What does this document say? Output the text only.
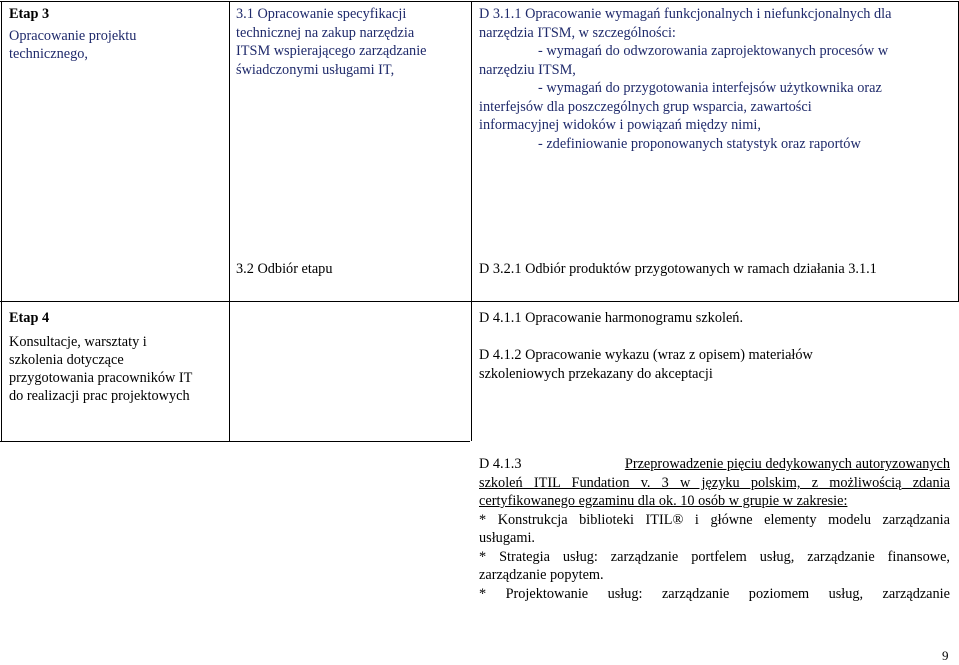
Etap 3
Opracowanie projektu
technicznego,
3.1 Opracowanie specyfikacji
technicznej na zakup narzędzia
ITSM wspierającego zarządzanie
świadczonymi usługami IT,
D 3.1.1 Opracowanie wymagań funkcjonalnych i niefunkcjonalnych dla
narzędzia ITSM, w szczególności:
- wymagań do odwzorowania zaprojektowanych procesów w
narzędziu ITSM,
- wymagań do przygotowania interfejsów użytkownika oraz
interfejsów dla poszczególnych grup wsparcia, zawartości
informacyjnej widoków i powiązań między nimi,
- zdefiniowanie proponowanych statystyk oraz raportów
3.2 Odbiór etapu	D 3.2.1 Odbiór produktów przygotowanych w ramach działania 3.1.1
Etap 4
Konsultacje, warsztaty i
szkolenia dotyczące
przygotowania pracowników IT
do realizacji prac projektowych
D 4.1.1 Opracowanie harmonogramu szkoleń.
D 4.1.2 Opracowanie wykazu (wraz z opisem) materiałów
szkoleniowych przekazany do akceptacji
D 4.1.3	Przeprowadzenie pięciu dedykowanych autoryzowanych
szkoleń ITIL Fundation v. 3 w języku polskim, z możliwością zdania
certyfikowanego egzaminu dla ok. 10 osób w grupie w zakresie:
* Konstrukcja biblioteki ITIL® i główne elementy modelu zarządzania
usługami.
* Strategia usług: zarządzanie portfelem usług, zarządzanie finansowe,
zarządzanie popytem.
* Projektowanie usług: zarządzanie poziomem usług, zarządzanie
9
